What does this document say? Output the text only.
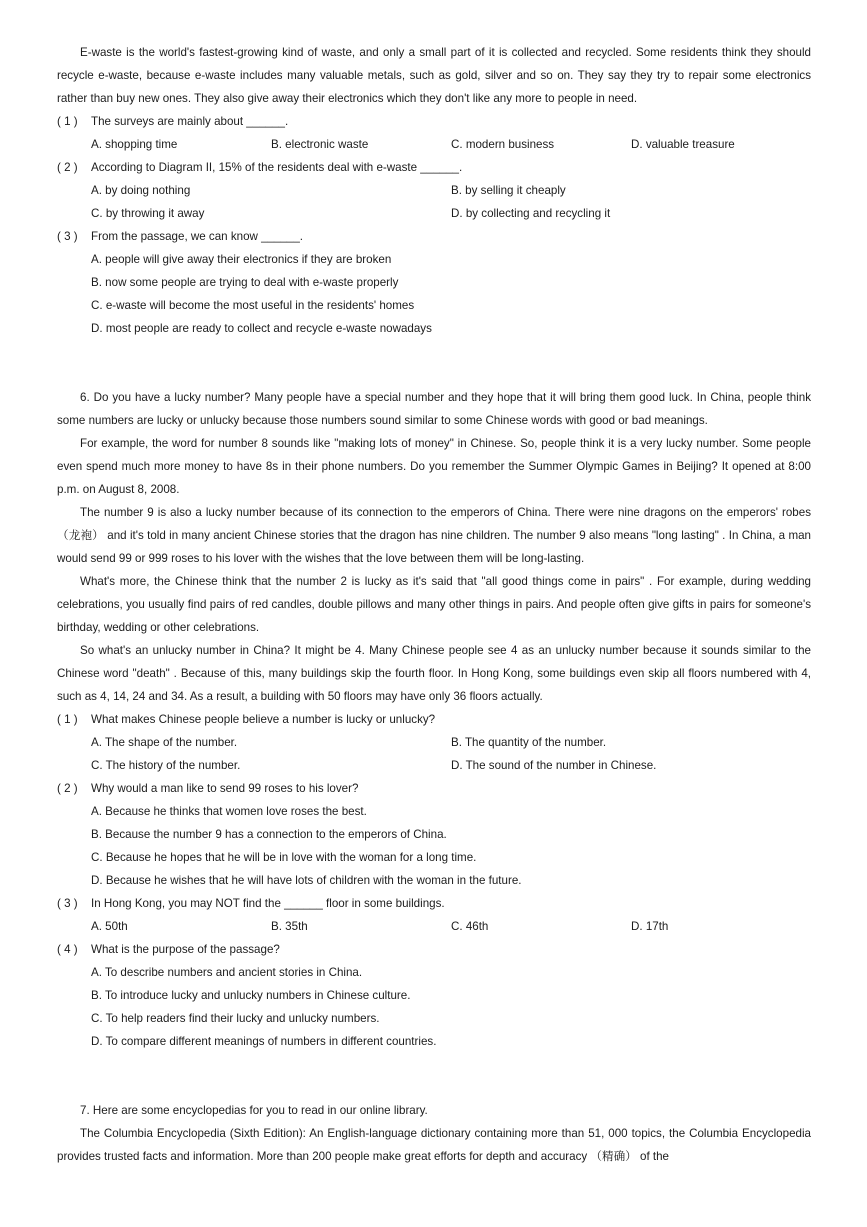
E-waste is the world's fastest-growing kind of waste, and only a small part of it is collected and recycled. Some residents think they should recycle e-waste, because e-waste includes many valuable metals, such as gold, silver and so on. They say they try to repair some electronics rather than buy new ones. They also give away their electronics which they don't like any more to people in need.

( 1 ) The surveys are mainly about ______.
A. shopping time	B. electronic waste	C. modern business	D. valuable treasure
( 2 ) According to Diagram II, 15% of the residents deal with e-waste ______.
A. by doing nothing	B. by selling it cheaply
C. by throwing it away	D. by collecting and recycling it
( 3 ) From the passage, we can know ______.
A. people will give away their electronics if they are broken
B. now some people are trying to deal with e-waste properly
C. e-waste will become the most useful in the residents' homes
D. most people are ready to collect and recycle e-waste nowadays

6. Do you have a lucky number? Many people have a special number and they hope that it will bring them good luck. In China, people think some numbers are lucky or unlucky because those numbers sound similar to some Chinese words with good or bad meanings.

For example, the word for number 8 sounds like "making lots of money" in Chinese. So, people think it is a very lucky number. Some people even spend much more money to have 8s in their phone numbers. Do you remember the Summer Olympic Games in Beijing? It opened at 8:00 p.m. on August 8, 2008.

The number 9 is also a lucky number because of its connection to the emperors of China. There were nine dragons on the emperors' robes （龙袍） and it's told in many ancient Chinese stories that the dragon has nine children. The number 9 also means "long lasting" . In China, a man would send 99 or 999 roses to his lover with the wishes that the love between them will be long-lasting.

What's more, the Chinese think that the number 2 is lucky as it's said that "all good things come in pairs" . For example, during wedding celebrations, you usually find pairs of red candles, double pillows and many other things in pairs. And people often give gifts in pairs for someone's birthday, wedding or other celebrations.

So what's an unlucky number in China? It might be 4. Many Chinese people see 4 as an unlucky number because it sounds similar to the Chinese word "death" . Because of this, many buildings skip the fourth floor. In Hong Kong, some buildings even skip all floors numbered with 4, such as 4, 14, 24 and 34. As a result, a building with 50 floors may have only 36 floors actually.

( 1 ) What makes Chinese people believe a number is lucky or unlucky?
A. The shape of the number.	B. The quantity of the number.
C. The history of the number.	D. The sound of the number in Chinese.
( 2 ) Why would a man like to send 99 roses to his lover?
A. Because he thinks that women love roses the best.
B. Because the number 9 has a connection to the emperors of China.
C. Because he hopes that he will be in love with the woman for a long time.
D. Because he wishes that he will have lots of children with the woman in the future.
( 3 ) In Hong Kong, you may NOT find the ______ floor in some buildings.
A. 50th	B. 35th	C. 46th	D. 17th
( 4 ) What is the purpose of the passage?
A. To describe numbers and ancient stories in China.
B. To introduce lucky and unlucky numbers in Chinese culture.
C. To help readers find their lucky and unlucky numbers.
D. To compare different meanings of numbers in different countries.

7. Here are some encyclopedias for you to read in our online library.

The Columbia Encyclopedia (Sixth Edition): An English-language dictionary containing more than 51, 000 topics, the Columbia Encyclopedia provides trusted facts and information. More than 200 people make great efforts for depth and accuracy （精确） of the
